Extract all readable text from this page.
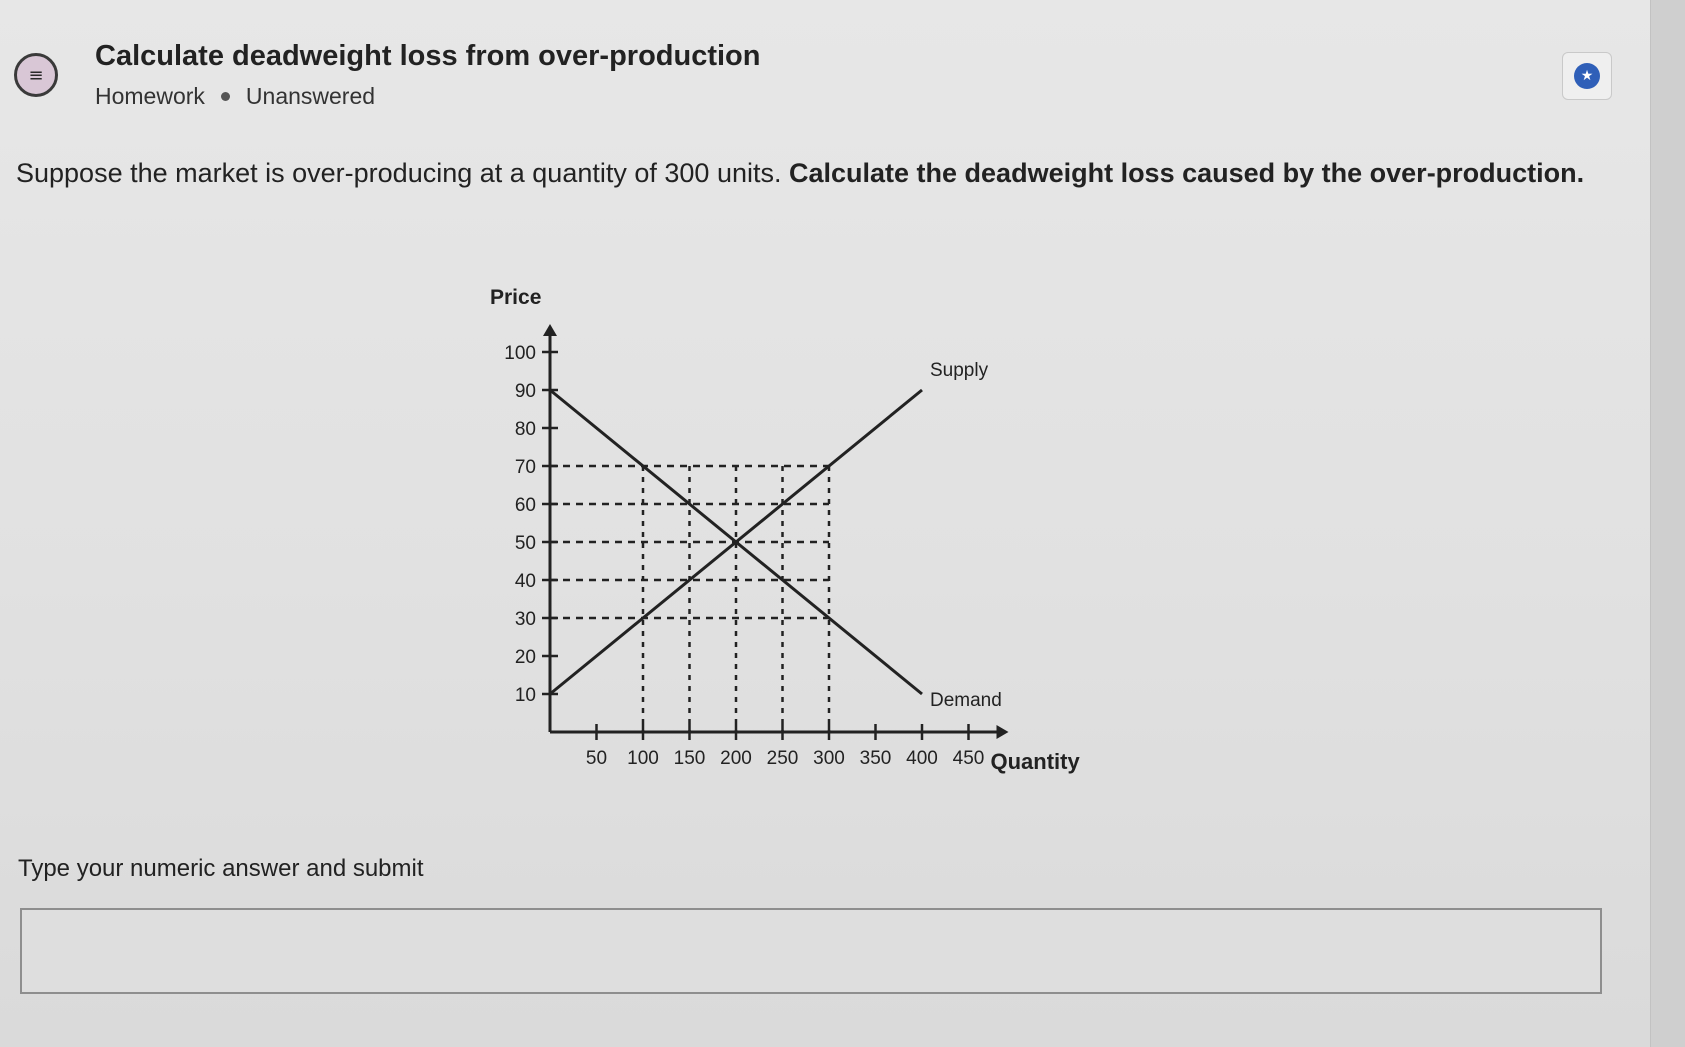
≡
Calculate deadweight loss from over-production
Homework Unanswered
★
Suppose the market is over-producing at a quantity of 300 units. Calculate the deadweight loss caused by the over-production.
10
20
30
40
50
60
70
80
90
100
50 100 150 200 250 300 350 400 450
Supply
Demand
Price
Quantity
Type your numeric answer and submit
